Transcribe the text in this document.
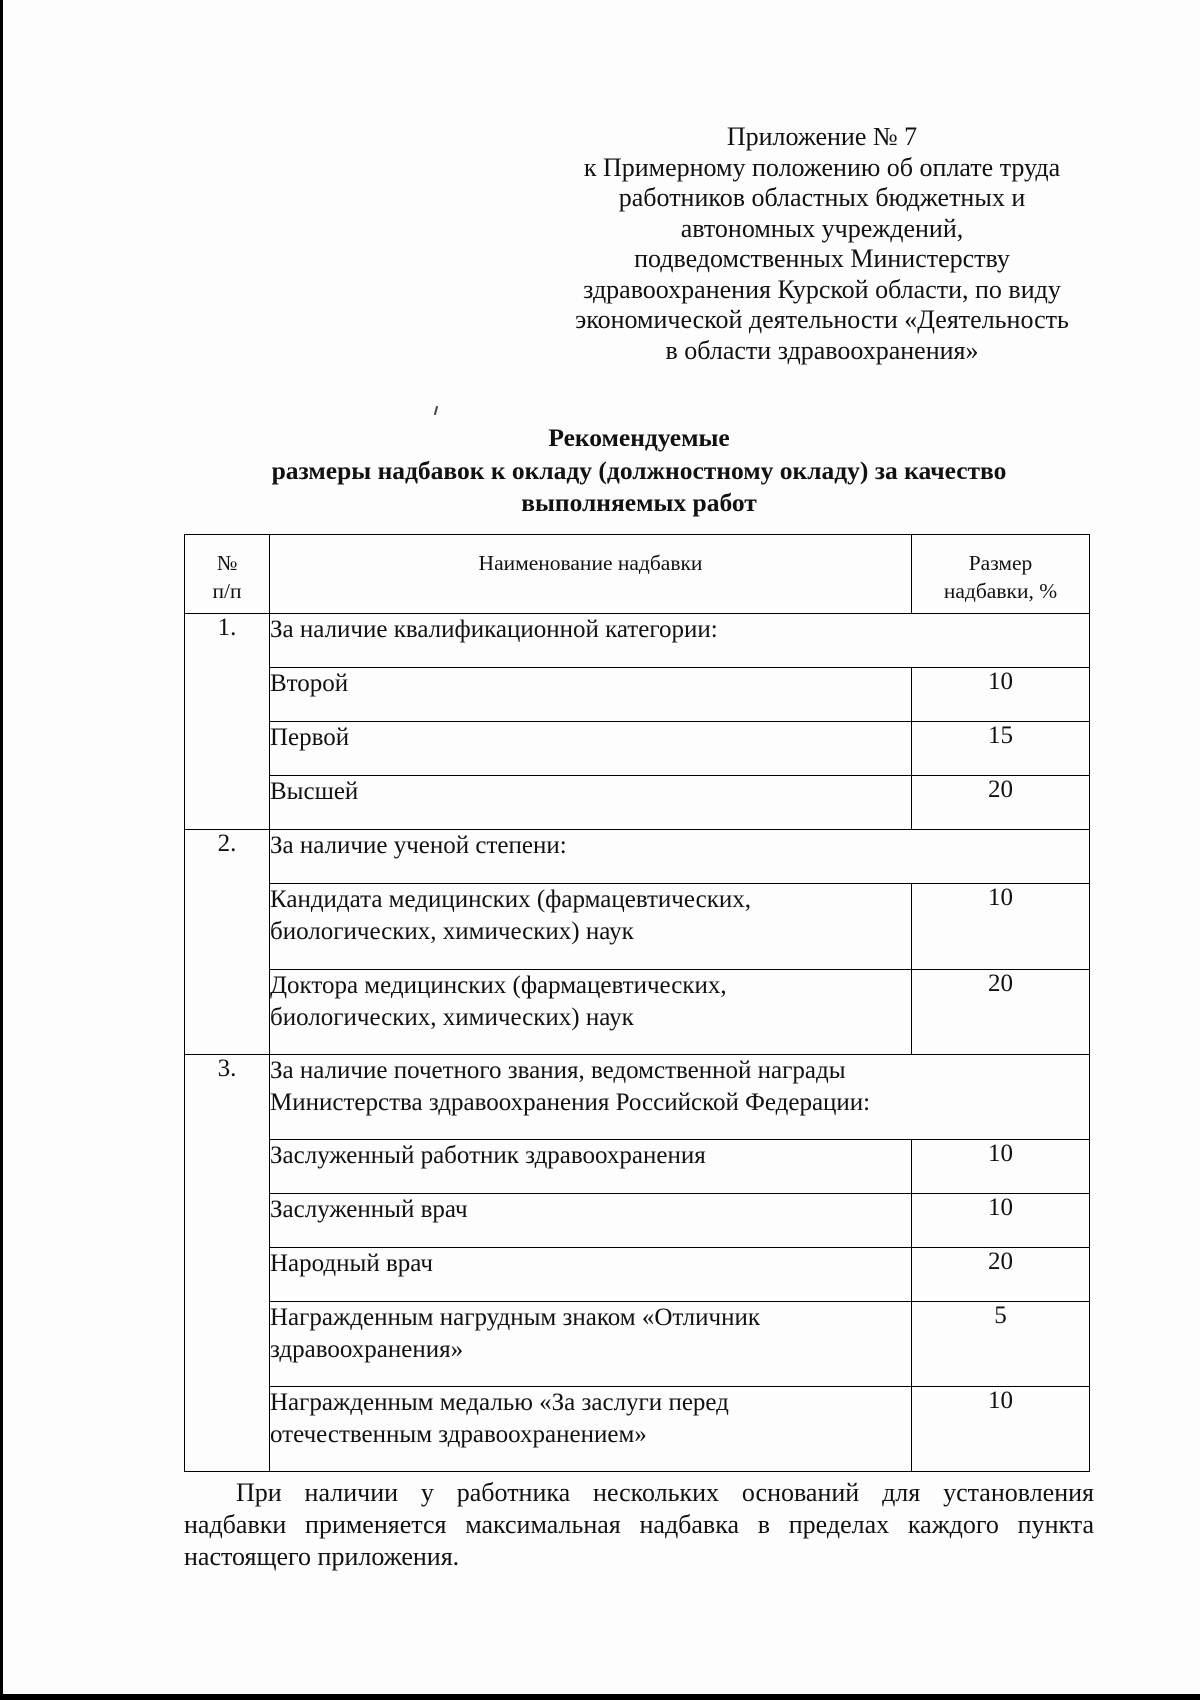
Приложение № 7
к Примерному положению об оплате труда
работников областных бюджетных и
автономных учреждений,
подведомственных Министерству
здравоохранения Курской области, по виду
экономической деятельности «Деятельность
в области здравоохранения»
Рекомендуемые
размеры надбавок к окладу (должностному окладу) за качество
выполняемых работ
№
п/п	Наименование надбавки	Размер
надбавки, %
1.	За наличие квалификационной категории:	

	Второй	10

	Первой	15

	Высшей	20
2.	За наличие ученой степени:	

	Кандидата медицинских (фармацевтических,
биологических, химических) наук	10

	Доктора медицинских (фармацевтических,
биологических, химических) наук	20
3.	За наличие почетного звания, ведомственной награды
Министерства здравоохранения Российской Федерации:	

	Заслуженный работник здравоохранения	10

	Заслуженный врач	10

	Народный врач	20

	Награжденным нагрудным знаком «Отличник
здравоохранения»	5

	Награжденным медалью «За заслуги перед
отечественным здравоохранением»	10
При наличии у работника нескольких оснований для установления
надбавки применяется максимальная надбавка в пределах каждого пункта настоящего приложения.
